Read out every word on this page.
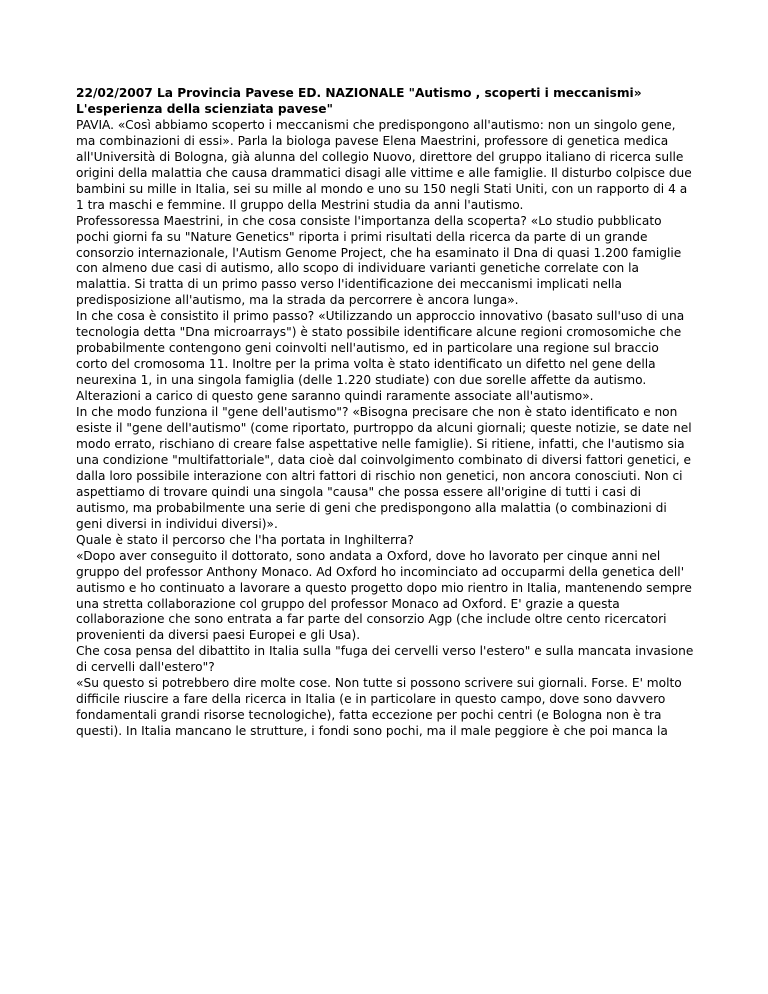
22/02/2007 La Provincia Pavese ED. NAZIONALE "Autismo , scoperti i meccanismi» L'esperienza della scienziata pavese"

PAVIA. «Così abbiamo scoperto i meccanismi che predispongono all'autismo: non un singolo gene, ma combinazioni di essi». Parla la biologa pavese Elena Maestrini, professore di genetica medica all'Università di Bologna, già alunna del collegio Nuovo, direttore del gruppo italiano di ricerca sulle origini della malattia che causa drammatici disagi alle vittime e alle famiglie. Il disturbo colpisce due bambini su mille in Italia, sei su mille al mondo e uno su 150 negli Stati Uniti, con un rapporto di 4 a 1 tra maschi e femmine. Il gruppo della Mestrini studia da anni l'autismo.

Professoressa Maestrini, in che cosa consiste l'importanza della scoperta? «Lo studio pubblicato pochi giorni fa su "Nature Genetics" riporta i primi risultati della ricerca da parte di un grande consorzio internazionale, l'Autism Genome Project, che ha esaminato il Dna di quasi 1.200 famiglie con almeno due casi di autismo, allo scopo di individuare varianti genetiche correlate con la malattia. Si tratta di un primo passo verso l'identificazione dei meccanismi implicati nella predisposizione all'autismo, ma la strada da percorrere è ancora lunga».

In che cosa è consistito il primo passo? «Utilizzando un approccio innovativo (basato sull'uso di una tecnologia detta "Dna microarrays") è stato possibile identificare alcune regioni cromosomiche che probabilmente contengono geni coinvolti nell'autismo, ed in particolare una regione sul braccio corto del cromosoma 11. Inoltre per la prima volta è stato identificato un difetto nel gene della neurexina 1, in una singola famiglia (delle 1.220 studiate) con due sorelle affette da autismo. Alterazioni a carico di questo gene saranno quindi raramente associate all'autismo».

In che modo funziona il "gene dell'autismo"? «Bisogna precisare che non è stato identificato e non esiste il "gene dell'autismo" (come riportato, purtroppo da alcuni giornali; queste notizie, se date nel modo errato, rischiano di creare false aspettative nelle famiglie). Si ritiene, infatti, che l'autismo sia una condizione "multifattoriale", data cioè dal coinvolgimento combinato di diversi fattori genetici, e dalla loro possibile interazione con altri fattori di rischio non genetici, non ancora conosciuti. Non ci aspettiamo di trovare quindi una singola "causa" che possa essere all'origine di tutti i casi di autismo, ma probabilmente una serie di geni che predispongono alla malattia (o combinazioni di geni diversi in individui diversi)».

Quale è stato il percorso che l'ha portata in Inghilterra?

«Dopo aver conseguito il dottorato, sono andata a Oxford, dove ho lavorato per cinque anni nel gruppo del professor Anthony Monaco. Ad Oxford ho incominciato ad occuparmi della genetica dell' autismo e ho continuato a lavorare a questo progetto dopo mio rientro in Italia, mantenendo sempre una stretta collaborazione col gruppo del professor Monaco ad Oxford. E' grazie a questa collaborazione che sono entrata a far parte del consorzio Agp (che include oltre cento ricercatori provenienti da diversi paesi Europei e gli Usa).

Che cosa pensa del dibattito in Italia sulla "fuga dei cervelli verso l'estero" e sulla mancata invasione di cervelli dall'estero"?

«Su questo si potrebbero dire molte cose. Non tutte si possono scrivere sui giornali. Forse. E' molto difficile riuscire a fare della ricerca in Italia (e in particolare in questo campo, dove sono davvero fondamentali grandi risorse tecnologiche), fatta eccezione per pochi centri (e Bologna non è tra questi). In Italia mancano le strutture, i fondi sono pochi, ma il male peggiore è che poi manca la
